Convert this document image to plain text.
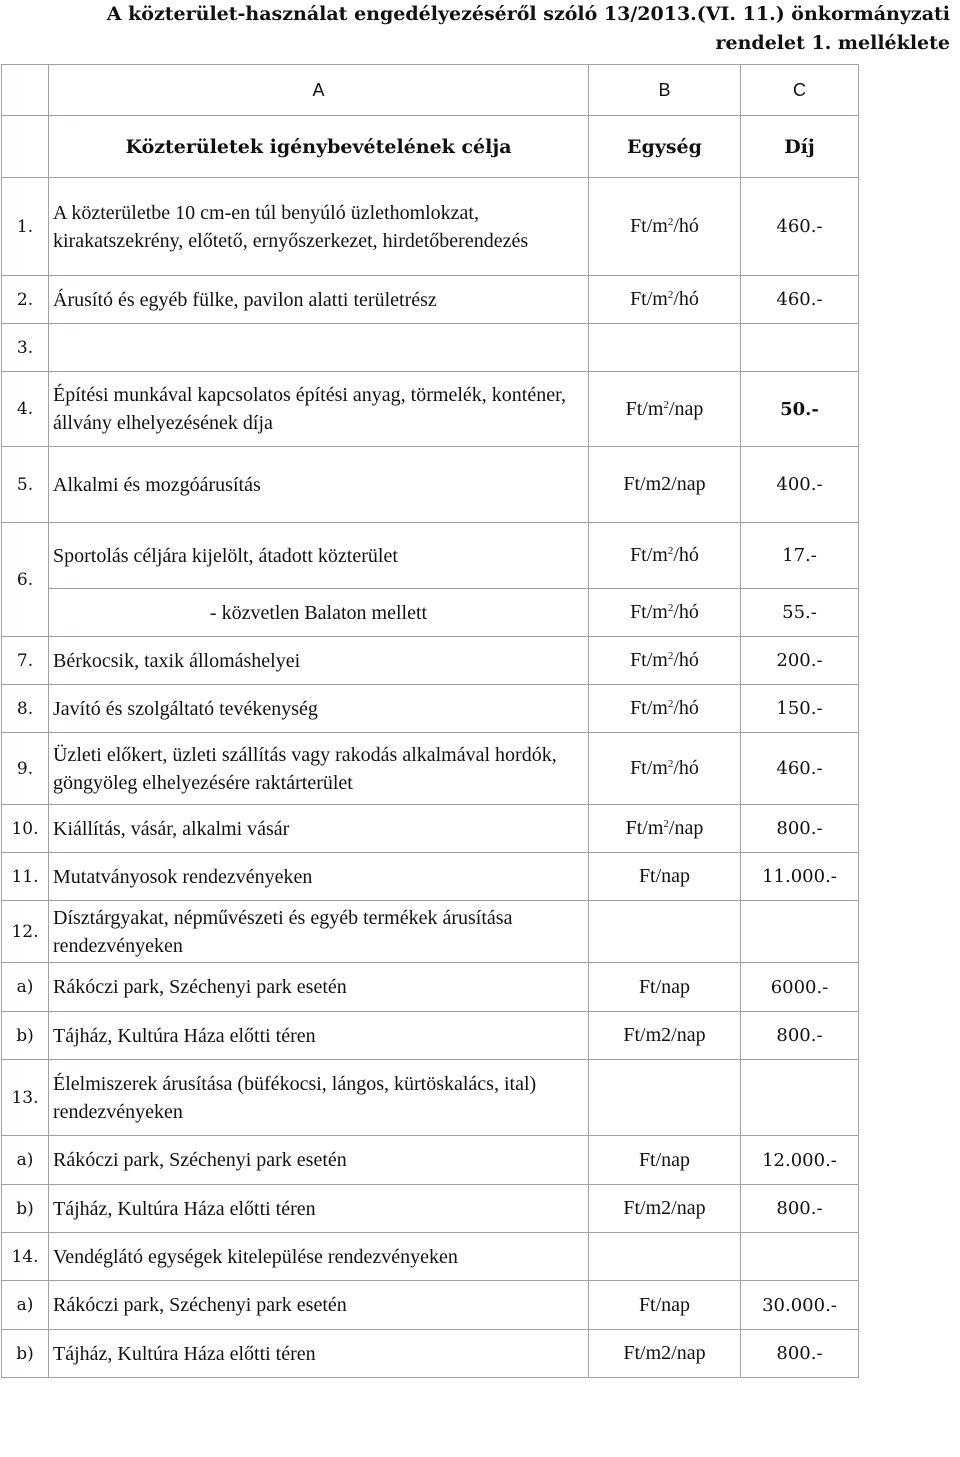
A közterület-használat engedélyezéséről szóló 13/2013.(VI. 11.) önkormányzati
rendelet 1. melléklete
	A	B	C
	Közterületek igénybevételének célja	Egység	Díj
1.	A közterületbe 10 cm-en túl benyúló üzlethomlokzat, kirakatszekrény, előtető, ernyőszerkezet, hirdetőberendezés	$Ft/m^2/hó$	460.-
2.	Árusító és egyéb fülke, pavilon alatti területrész	$Ft/m^2/hó$	460.-
3.			
4.	Építési munkával kapcsolatos építési anyag, törmelék, konténer, állvány elhelyezésének díja	$Ft/m^2$/nap	50.-
5.	Alkalmi és mozgóárusítás	Ft/m2/nap	400.-
6.	Sportolás céljára kijelölt, átadott közterület	$Ft/m^2/hó$	17.-
	- közvetlen Balaton mellett	$Ft/m^2/hó$	55.-
7.	Bérkocsik, taxik állomáshelyei	$Ft/m^2/hó$	200.-
8.	Javító és szolgáltató tevékenység	$Ft/m^2/hó$	150.-
9.	Üzleti előkert, üzleti szállítás vagy rakodás alkalmával hordók, göngyöleg elhelyezésére raktárterület	$Ft/m^2/hó$	460.-
10.	Kiállítás, vásár, alkalmi vásár	$Ft/m^2$/nap	800.-
11.	Mutatványosok rendezvényeken	Ft/nap	11.000.-
12.	Dísztárgyakat, népművészeti és egyéb termékek árusítása rendezvényeken		
a)	Rákóczi park, Széchenyi park esetén	Ft/nap	6000.-
b)	Tájház, Kultúra Háza előtti téren	Ft/m2/nap	800.-
13.	Élelmiszerek árusítása (büfékocsi, lángos, kürtöskalács, ital) rendezvényeken		
a)	Rákóczi park, Széchenyi park esetén	Ft/nap	12.000.-
b)	Tájház, Kultúra Háza előtti téren	Ft/m2/nap	800.-
14.	Vendéglátó egységek kitelepülése rendezvényeken		
a)	Rákóczi park, Széchenyi park esetén	Ft/nap	30.000.-
b)	Tájház, Kultúra Háza előtti téren	Ft/m2/nap	800.-
